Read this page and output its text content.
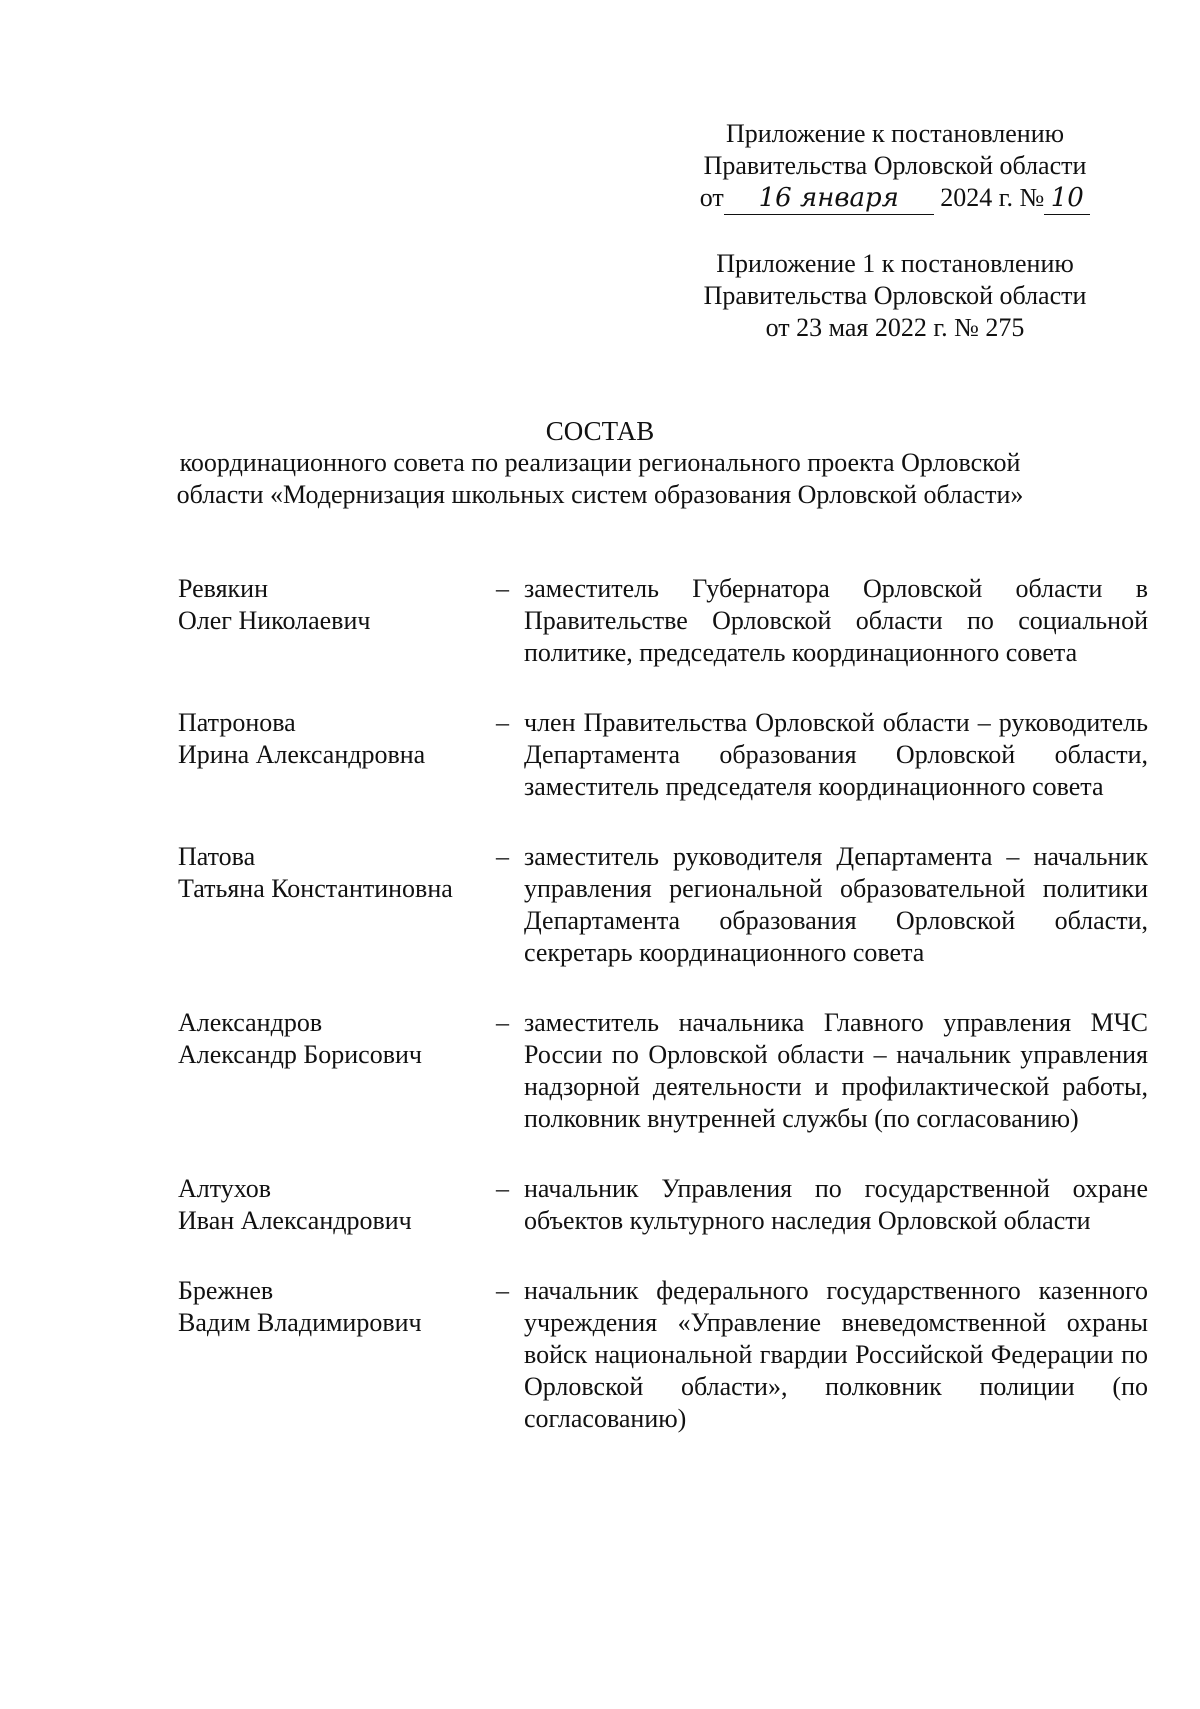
Приложение к постановлению
Правительства Орловской области
от 16 января 2024 г. № 10
Приложение 1 к постановлению
Правительства Орловской области
от 23 мая 2022 г. № 275
СОСТАВ
координационного совета по реализации регионального проекта Орловской
области «Модернизация школьных систем образования Орловской области»
Ревякин
Олег Николаевич
– заместитель Губернатора Орловской области в Правительстве Орловской области по социальной политике, председатель координационного совета
Патронова
Ирина Александровна
– член Правительства Орловской области – руководитель Департамента образования Орловской области, заместитель председателя координационного совета
Патова
Татьяна Константиновна
– заместитель руководителя Департамента – начальник управления региональной образовательной политики Департамента образования Орловской области, секретарь координационного совета
Александров
Александр Борисович
– заместитель начальника Главного управления МЧС России по Орловской области – начальник управления надзорной деятельности и профилактической работы, полковник внутренней службы (по согласованию)
Алтухов
Иван Александрович
– начальник Управления по государственной охране объектов культурного наследия Орловской области
Брежнев
Вадим Владимирович
– начальник федерального государственного казенного учреждения «Управление вневедомственной охраны войск национальной гвардии Российской Федерации по Орловской области», полковник полиции (по согласованию)
